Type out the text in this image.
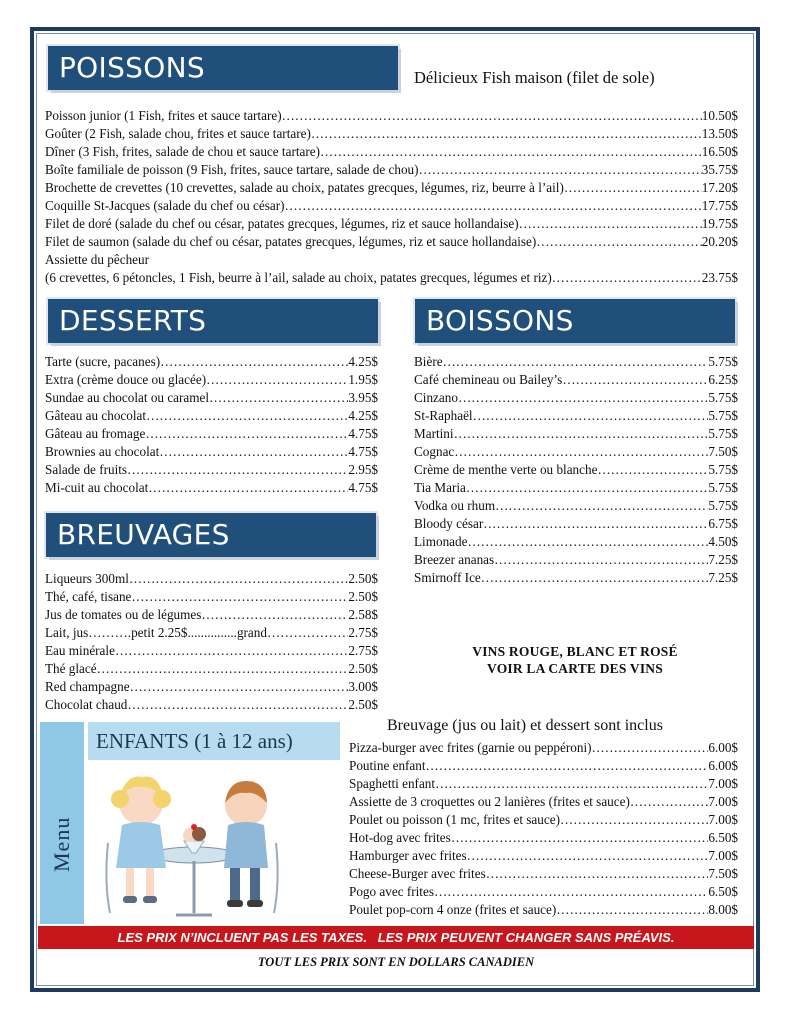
POISSONS	Délicieux Fish maison (filet de sole)
Poisson junior (1 Fish, frites et sauce tartare) ……………………………………………………………………………………………………………………………………………………………………………………………………	10.50$
Goûter (2 Fish, salade chou, frites et sauce tartare) ……………………………………………………………………………………………………………………………………………………………………………………………………	13.50$
Dîner (3 Fish, frites, salade de chou et sauce tartare) ……………………………………………………………………………………………………………………………………………………………………………………………………	16.50$
Boîte familiale de poisson (9 Fish, frites, sauce tartare, salade de chou) ……………………………………………………………………………………………………………………………………………………………………………………………………	35.75$
Brochette de crevettes (10 crevettes, salade au choix, patates grecques, légumes, riz, beurre à l’ail) ……………………………………………………………………………………………………………………………………………………………………………………………………	17.20$
Coquille St-Jacques (salade du chef ou césar) ……………………………………………………………………………………………………………………………………………………………………………………………………	17.75$
Filet de doré (salade du chef ou césar, patates grecques, légumes, riz et sauce hollandaise) ……………………………………………………………………………………………………………………………………………………………………………………………………	19.75$
Filet de saumon (salade du chef ou césar, patates grecques, légumes, riz et sauce hollandaise) ……………………………………………………………………………………………………………………………………………………………………………………………………	20.20$
Assiette du pêcheur
(6 crevettes, 6 pétoncles, 1 Fish, beurre à l’ail, salade au choix, patates grecques, légumes et riz) ……………………………………………………………………………………………………………………………………………………………………………………………………	23.75$
DESSERTS
Tarte (sucre, pacanes) ……………………………………………………………………………………………………………………………………………………………………………………………………	4.25$
Extra (crème douce ou glacée) ……………………………………………………………………………………………………………………………………………………………………………………………………	1.95$
Sundae au chocolat ou caramel ……………………………………………………………………………………………………………………………………………………………………………………………………	3.95$
Gâteau au chocolat ……………………………………………………………………………………………………………………………………………………………………………………………………	4.25$
Gâteau au fromage ……………………………………………………………………………………………………………………………………………………………………………………………………	4.75$
Brownies au chocolat ……………………………………………………………………………………………………………………………………………………………………………………………………	4.75$
Salade de fruits ……………………………………………………………………………………………………………………………………………………………………………………………………	2.95$
Mi-cuit au chocolat ……………………………………………………………………………………………………………………………………………………………………………………………………	4.75$
BREUVAGES
Liqueurs 300ml ……………………………………………………………………………………………………………………………………………………………………………………………………	2.50$
Thé, café, tisane ……………………………………………………………………………………………………………………………………………………………………………………………………	2.50$
Jus de tomates ou de légumes ……………………………………………………………………………………………………………………………………………………………………………………………………	2.58$
Lait, jus……….petit 2.25$...............grand ……………………………………………………………………………………………………………………………………………………………………………………………………	2.75$
Eau minérale ……………………………………………………………………………………………………………………………………………………………………………………………………	2.75$
Thé glacé ……………………………………………………………………………………………………………………………………………………………………………………………………	2.50$
Red champagne ……………………………………………………………………………………………………………………………………………………………………………………………………	3.00$
Chocolat chaud ……………………………………………………………………………………………………………………………………………………………………………………………………	2.50$
BOISSONS
Bière ……………………………………………………………………………………………………………………………………………………………………………………………………	5.75$
Café chemineau ou Bailey’s ……………………………………………………………………………………………………………………………………………………………………………………………………	6.25$
Cinzano ……………………………………………………………………………………………………………………………………………………………………………………………………	5.75$
St-Raphaël ……………………………………………………………………………………………………………………………………………………………………………………………………	5.75$
Martini ……………………………………………………………………………………………………………………………………………………………………………………………………	5.75$
Cognac ……………………………………………………………………………………………………………………………………………………………………………………………………	7.50$
Crème de menthe verte ou blanche ……………………………………………………………………………………………………………………………………………………………………………………………………	5.75$
Tia Maria ……………………………………………………………………………………………………………………………………………………………………………………………………	5.75$
Vodka ou rhum ……………………………………………………………………………………………………………………………………………………………………………………………………	5.75$
Bloody césar ……………………………………………………………………………………………………………………………………………………………………………………………………	6.75$
Limonade ……………………………………………………………………………………………………………………………………………………………………………………………………	4.50$
Breezer ananas ……………………………………………………………………………………………………………………………………………………………………………………………………	7.25$
Smirnoff Ice ……………………………………………………………………………………………………………………………………………………………………………………………………	7.25$
VINS ROUGE, BLANC ET ROSÉ
VOIR LA CARTE DES VINS
Menu
ENFANTS (1 à 12 ans)
Breuvage (jus ou lait) et dessert sont inclus
Pizza-burger avec frites (garnie ou peppéroni) ……………………………………………………………………………………………………………………………………………………………………………………………………	6.00$
Poutine enfant ……………………………………………………………………………………………………………………………………………………………………………………………………	6.00$
Spaghetti enfant ……………………………………………………………………………………………………………………………………………………………………………………………………	7.00$
Assiette de 3 croquettes ou 2 lanières (frites et sauce) ……………………………………………………………………………………………………………………………………………………………………………………………………	7.00$
Poulet ou poisson (1 mc, frites et sauce) ……………………………………………………………………………………………………………………………………………………………………………………………………	7.00$
Hot-dog avec frites ……………………………………………………………………………………………………………………………………………………………………………………………………	6.50$
Hamburger avec frites ……………………………………………………………………………………………………………………………………………………………………………………………………	7.00$
Cheese-Burger avec frites ……………………………………………………………………………………………………………………………………………………………………………………………………	7.50$
Pogo avec frites ……………………………………………………………………………………………………………………………………………………………………………………………………	6.50$
Poulet pop-corn 4 onze (frites et sauce) ……………………………………………………………………………………………………………………………………………………………………………………………………	8.00$
LES PRIX N’INCLUENT PAS LES TAXES.   LES PRIX PEUVENT CHANGER SANS PRÉAVIS.
TOUT LES PRIX SONT EN DOLLARS CANADIEN
